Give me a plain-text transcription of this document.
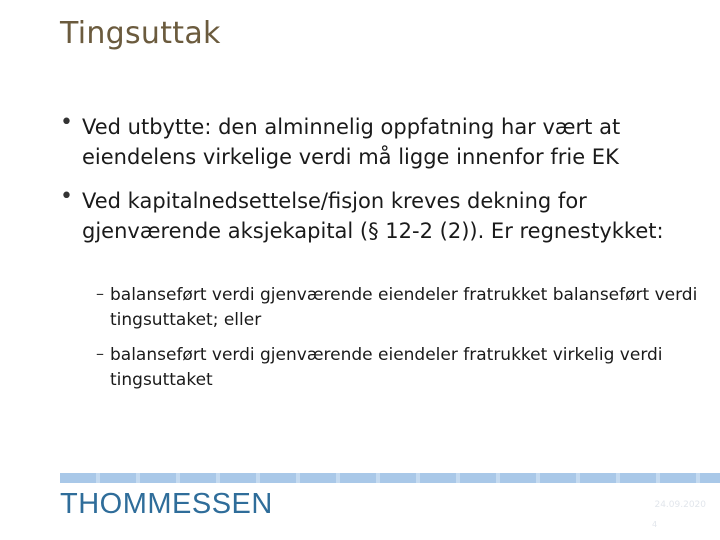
Tingsuttak
• Ved utbytte: den alminnelig oppfatning har vært at eiendelens virkelige verdi må ligge innenfor frie EK
• Ved kapitalnedsettelse/fisjon kreves dekning for gjenværende aksjekapital (§ 12-2 (2)). Er regnestykket:
– balanseført verdi gjenværende eiendeler fratrukket balanseført verdi tingsuttaket; eller
– balanseført verdi gjenværende eiendeler fratrukket virkelig verdi tingsuttaket
THOMMESSEN	24.09.2020
4
